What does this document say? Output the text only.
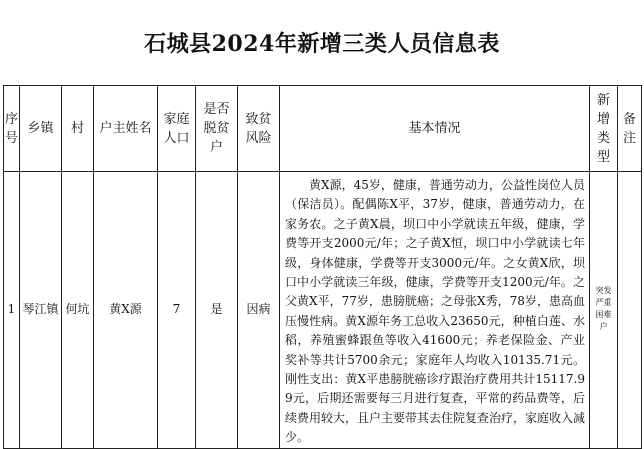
石城县2024年新增三类人员信息表
序号	乡镇	村	户主姓名	家庭人口	是否脱贫户	致贫风险	基本情况	新增类型	备注
1	琴江镇	何坑	黄X源	7	是	因病	黄X源，45岁，健康，普通劳动力，公益性岗位人员（保洁员）。配偶陈X平，37岁，健康，普通劳动力，在家务农。之子黄X晨，坝口中小学就读五年级，健康，学费等开支2000元/年；之子黄X恒，坝口中小学就读七年级，身体健康，学费等开支3000元/年。之女黄X欣，坝口中小学就读三年级，健康，学费等开支1200元/年。之父黄X平，77岁，患膀胱癌；之母张X秀，78岁，患高血压慢性病。黄X源年务工总收入23650元，种植白莲、水稻，养殖蜜蜂跟鱼等收入41600元；养老保险金、产业奖补等共计5700余元；家庭年人均收入10135.71元。刚性支出：黄X平患膀胱癌诊疗跟治疗费用共计15117.99元，后期还需要每三月进行复查，平常的药品费等，后续费用较大，且户主要带其去住院复查治疗，家庭收入减少。	突发严重困难户	
